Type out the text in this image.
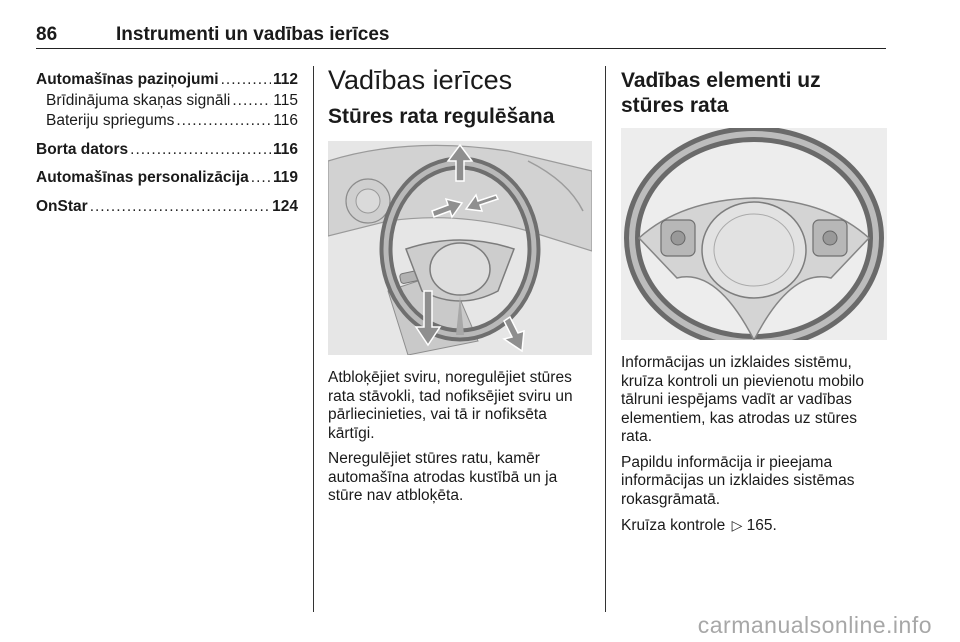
86	Instrumenti un vadības ierīces
Automašīnas paziņojumi .....	112
Brīdinājuma skaņas signāli .....	115
Bateriju spriegums .....	116
Borta dators .....	116
Automašīnas personalizācija ..... 119
OnStar .....	124
Vadības ierīces
Stūres rata regulēšana

Atbloķējiet sviru, noregulējiet stūres rata stāvokli, tad nofiksējiet sviru un pārliecinieties, vai tā ir nofiksēta kārtīgi.

Neregulējiet stūres ratu, kamēr automašīna atrodas kustībā un ja stūre nav atbloķēta.

Vadības elementi uz stūres rata

Informācijas un izklaides sistēmu, kruīza kontroli un pievienotu mobilo tālruni iespējams vadīt ar vadības elementiem, kas atrodas uz stūres rata.

Papildu informācija ir pieejama informācijas un izklaides sistēmas rokasgrāmatā.

Kruīza kontrole ▷ 165.

carmanualsonline.info
